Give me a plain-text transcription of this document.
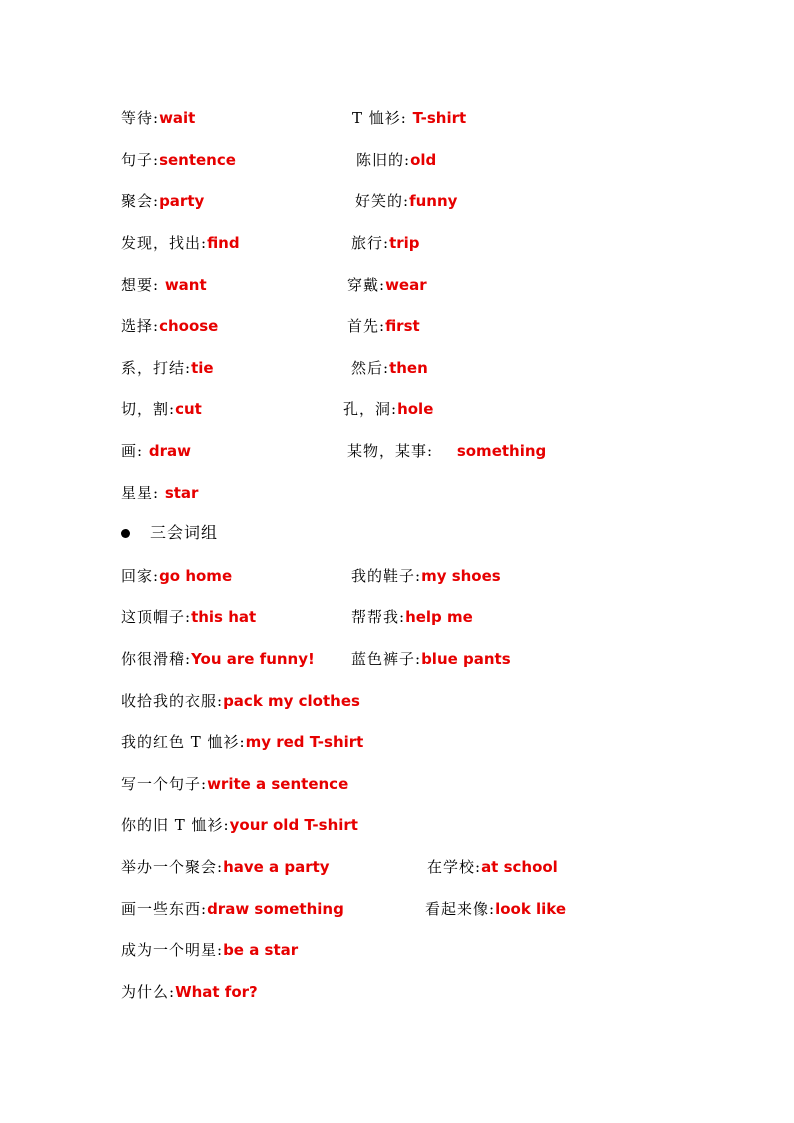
等待:wait	T 恤衫: T-shirt
句子:sentence	陈旧的:old
聚会:party	好笑的:funny
发现，找出:find	旅行:trip
想要: want	穿戴:wear
选择:choose	首先:first
系，打结:tie	然后:then
切，割:cut	孔，洞:hole
画: draw	某物，某事: something
星星: star
三会词组
回家:go home	我的鞋子:my shoes
这顶帽子:this hat	帮帮我:help me
你很滑稽:You are funny! 蓝色裤子:blue pants
收拾我的衣服:pack my clothes
我的红色 T 恤衫:my red T-shirt
写一个句子:write a sentence
你的旧 T 恤衫:your old T-shirt
举办一个聚会:have a party	在学校:at school
画一些东西:draw something	看起来像:look like
成为一个明星:be a star
为什么:What for?
